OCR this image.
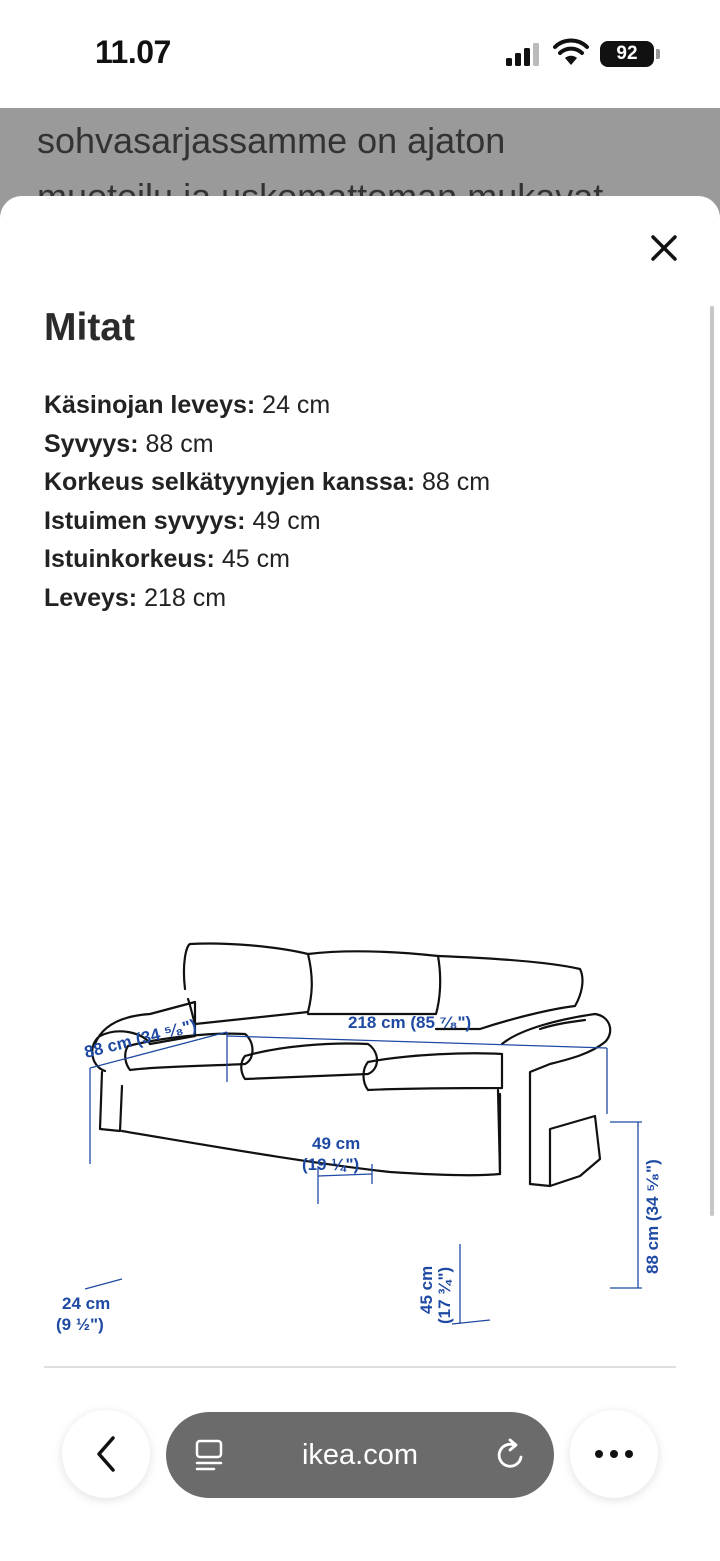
11.07	92
sohvasarjassamme on ajaton
Mitat
Käsinojan leveys: 24 cm
Syvyys: 88 cm
Korkeus selkätyynyjen kanssa: 88 cm
Istuimen syvyys: 49 cm
Istuinkorkeus: 45 cm
Leveys: 218 cm
88 cm (34 ⁵⁄₈")	218 cm (85 ⁷⁄₈")
49 cm
(19 ¼")	88 cm (34 ⁵⁄₈")
45 cm (17 ¾")
24 cm
(9 ½")
ikea.com
